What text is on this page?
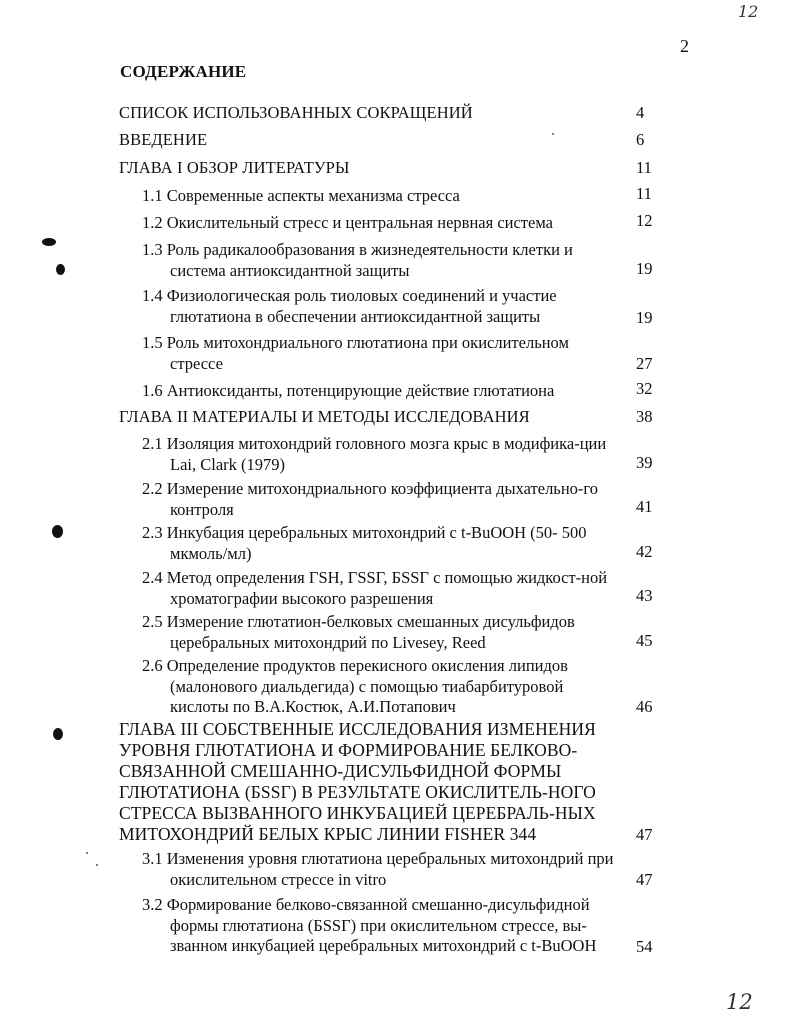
12
2
СОДЕРЖАНИЕ
СПИСОК ИСПОЛЬЗОВАННЫХ СОКРАЩЕНИЙ	4
ВВЕДЕНИЕ	6
ГЛАВА I ОБЗОР ЛИТЕРАТУРЫ	11
1.1 Современные аспекты механизма стресса	11
1.2 Окислительный стресс и центральная нервная система	12
1.3 Роль радикалообразования в жизнедеятельности клетки и система антиоксидантной защиты	19
1.4 Физиологическая роль тиоловых соединений и участие глютатиона в обеспечении антиоксидантной защиты	19
1.5 Роль митохондриального глютатиона при окислительном стрессе	27
1.6 Антиоксиданты, потенцирующие действие глютатиона	32
ГЛАВА II МАТЕРИАЛЫ И МЕТОДЫ ИССЛЕДОВАНИЯ	38
2.1 Изоляция митохондрий головного мозга крыс в модифика-ции Lai, Clark (1979)	39
2.2 Измерение митохондриального коэффициента дыхательно-го контроля	41
2.3 Инкубация церебральных митохондрий с t-BuOOH (50- 500 мкмоль/мл)	42
2.4 Метод определения ГSH, ГSSГ, БSSГ с помощью жидкост-ной хроматографии высокого разрешения	43
2.5 Измерение глютатион-белковых смешанных дисульфидов церебральных митохондрий по Livesey, Reed	45
2.6 Определение продуктов перекисного окисления липидов (малонового диальдегида) с помощью тиабарбитуровой кислоты по В.А.Костюк, А.И.Потапович	46
ГЛАВА III СОБСТВЕННЫЕ ИССЛЕДОВАНИЯ ИЗМЕНЕНИЯ УРОВНЯ ГЛЮТАТИОНА И ФОРМИРОВАНИЕ БЕЛКОВО-СВЯЗАННОЙ СМЕШАННО-ДИСУЛЬФИДНОЙ ФОРМЫ ГЛЮТАТИОНА (БSSГ) В РЕЗУЛЬТАТЕ ОКИСЛИТЕЛЬ-НОГО СТРЕССА ВЫЗВАННОГО ИНКУБАЦИЕЙ ЦЕРЕБРАЛЬ-НЫХ МИТОХОНДРИЙ БЕЛЫХ КРЫС ЛИНИИ FISHER 344	47
3.1 Изменения уровня глютатиона церебральных митохондрий при окислительном стрессе in vitro	47
3.2 Формирование белково-связанной смешанно-дисульфидной формы глютатиона (БSSГ) при окислительном стрессе, вы-званном инкубацией церебральных митохондрий с t-BuOOH	54
12
